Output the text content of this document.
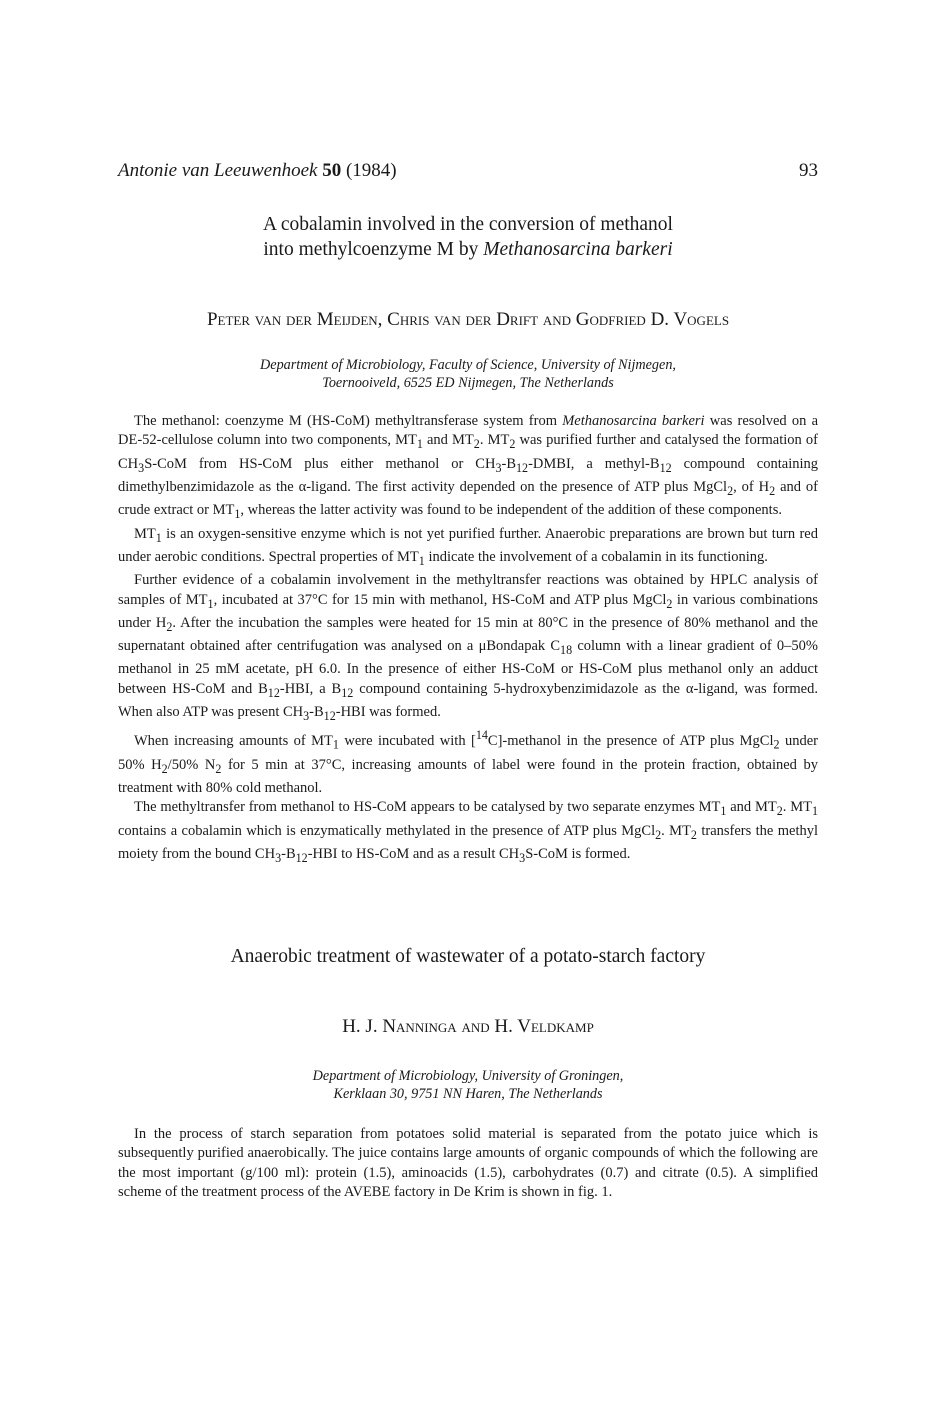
Antonie van Leeuwenhoek 50 (1984)	93
A cobalamin involved in the conversion of methanol
into methylcoenzyme M by Methanosarcina barkeri
Peter van der Meijden, Chris van der Drift and Godfried D. Vogels
Department of Microbiology, Faculty of Science, University of Nijmegen,
Toernooiveld, 6525 ED Nijmegen, The Netherlands

The methanol: coenzyme M (HS-CoM) methyltransferase system from Methanosarcina barkeri was resolved on a DE-52-cellulose column into two components, $MT_1$ and $MT_2$. $MT_2$ was purified further and catalysed the formation of $CH_3S$-CoM from HS-CoM plus either methanol or $CH_3-B_{12}$-DMBI, a methyl-$B_{12}$ compound containing dimethylbenzimidazole as the α-ligand. The first activity depended on the presence of ATP plus MgCl$_2$, of $H_2$ and of crude extract or $MT_1$, whereas the latter activity was found to be independent of the addition of these components.

$MT_1$ is an oxygen-sensitive enzyme which is not yet purified further. Anaerobic preparations are brown but turn red under aerobic conditions. Spectral properties of $MT_1$ indicate the involvement of a cobalamin in its functioning.

Further evidence of a cobalamin involvement in the methyltransfer reactions was obtained by HPLC analysis of samples of $MT_1$, incubated at 37°C for 15 min with methanol, HS-CoM and ATP plus MgCl$_2$ in various combinations under $H_2$. After the incubation the samples were heated for 15 min at 80°C in the presence of 80% methanol and the supernatant obtained after centrifugation was analysed on a μBondapak $C_{18}$ column with a linear gradient of 0–50% methanol in 25 mM acetate, pH 6.0. In the presence of either HS-CoM or HS-CoM plus methanol only an adduct between HS-CoM and $B_{12}$-HBI, a $B_{12}$ compound containing 5-hydroxybenzimidazole as the α-ligand, was formed. When also ATP was present $CH_3-B_{12}$-HBI was formed.

When increasing amounts of $MT_1$ were incubated with [$^{14}$C]-methanol in the presence of ATP plus MgCl$_2$ under 50% $H_2/50\%$ $N_2$ for 5 min at 37°C, increasing amounts of label were found in the protein fraction, obtained by treatment with 80% cold methanol.

The methyltransfer from methanol to HS-CoM appears to be catalysed by two separate enzymes $MT_1$ and $MT_2$. $MT_1$ contains a cobalamin which is enzymatically methylated in the presence of ATP plus MgCl$_2$. $MT_2$ transfers the methyl moiety from the bound $CH_3-B_{12}$-HBI to HS-CoM and as a result $CH_3S$-CoM is formed.

Anaerobic treatment of wastewater of a potato-starch factory
H. J. Nanninga and H. Veldkamp
Department of Microbiology, University of Groningen,
Kerklaan 30, 9751 NN Haren, The Netherlands

In the process of starch separation from potatoes solid material is separated from the potato juice which is subsequently purified anaerobically. The juice contains large amounts of organic compounds of which the following are the most important (g/100 ml): protein (1.5), aminoacids (1.5), carbohydrates (0.7) and citrate (0.5). A simplified scheme of the treatment process of the AVEBE factory in De Krim is shown in fig. 1.
